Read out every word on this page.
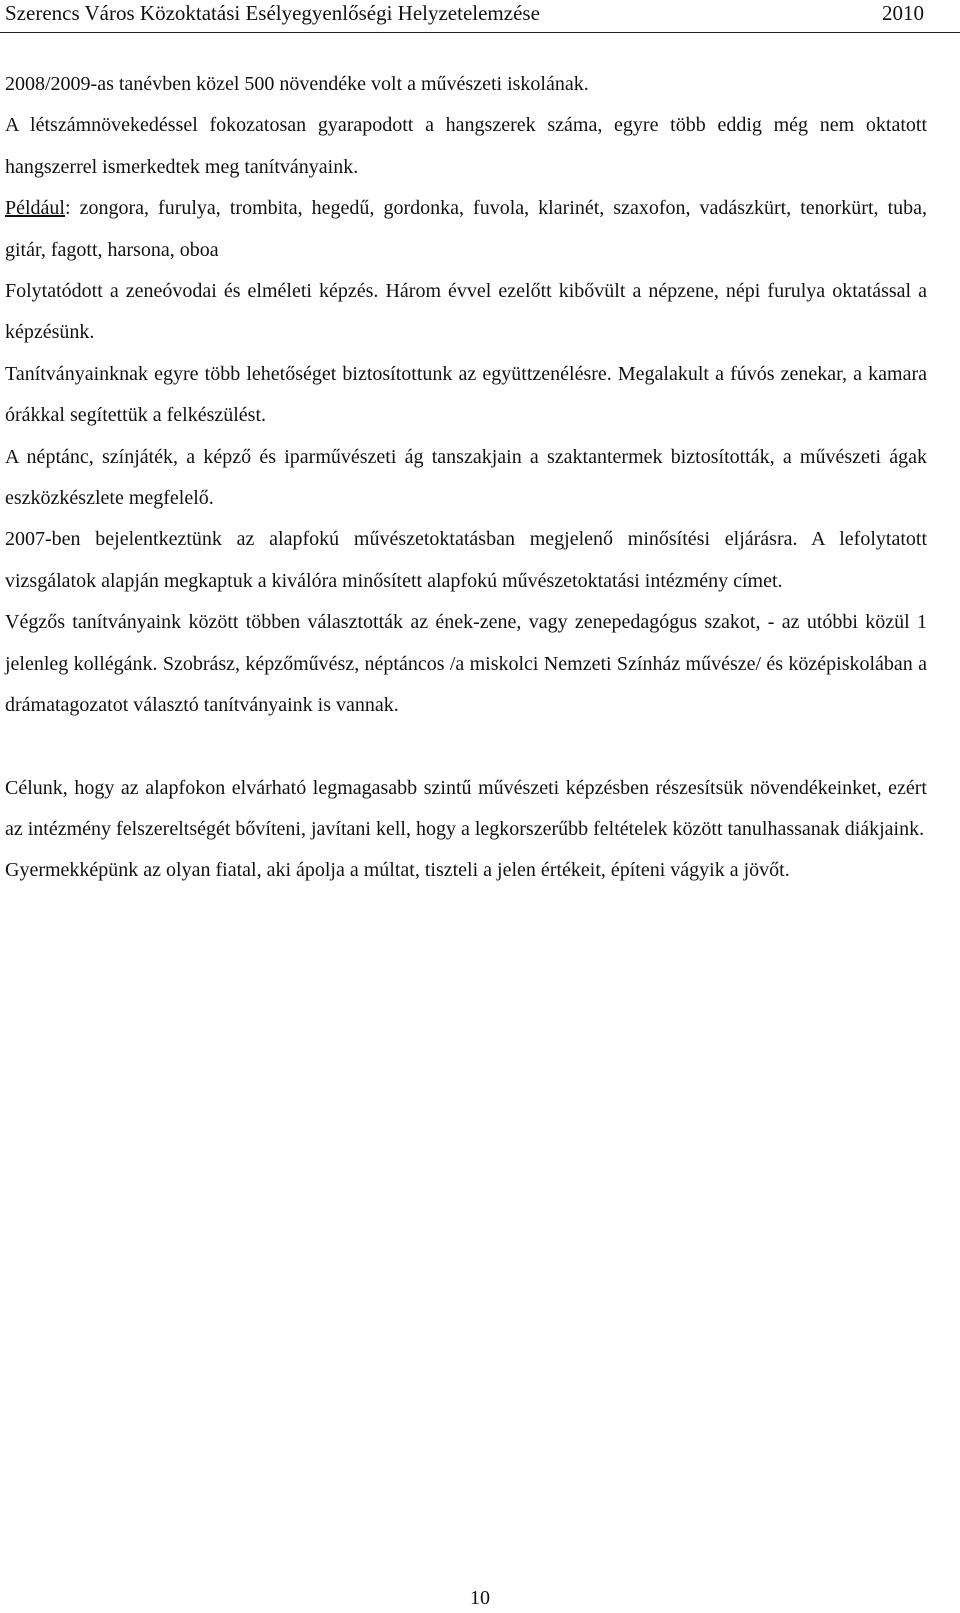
Szerencs Város Közoktatási Esélyegyenlőségi Helyzetelemzése	2010

2008/2009-as tanévben közel 500 növendéke volt a művészeti iskolának.

A létszámnövekedéssel fokozatosan gyarapodott a hangszerek száma, egyre több eddig még nem oktatott hangszerrel ismerkedtek meg tanítványaink.

Például: zongora, furulya, trombita, hegedű, gordonka, fuvola, klarinét, szaxofon, vadászkürt, tenorkürt, tuba, gitár, fagott, harsona, oboa

Folytatódott a zeneóvodai és elméleti képzés. Három évvel ezelőtt kibővült a népzene, népi furulya oktatással a képzésünk.

Tanítványainknak egyre több lehetőséget biztosítottunk az együttzenélésre. Megalakult a fúvós zenekar, a kamara órákkal segítettük a felkészülést.

A néptánc, színjáték, a képző és iparművészeti ág tanszakjain a szaktantermek biztosították, a művészeti ágak eszközkészlete megfelelő.

2007-ben bejelentkeztünk az alapfokú művészetoktatásban megjelenő minősítési eljárásra. A lefolytatott vizsgálatok alapján megkaptuk a kiválóra minősített alapfokú művészetoktatási intézmény címet.

Végzős tanítványaink között többen választották az ének-zene, vagy zenepedagógus szakot, - az utóbbi közül 1 jelenleg kollégánk. Szobrász, képzőművész, néptáncos /a miskolci Nemzeti Színház művésze/ és középiskolában a drámatagozatot választó tanítványaink is vannak.

Célunk, hogy az alapfokon elvárható legmagasabb szintű művészeti képzésben részesítsük növendékeinket, ezért az intézmény felszereltségét bővíteni, javítani kell, hogy a legkorszerűbb feltételek között tanulhassanak diákjaink.

Gyermekképünk az olyan fiatal, aki ápolja a múltat, tiszteli a jelen értékeit, építeni vágyik a jövőt.

10
